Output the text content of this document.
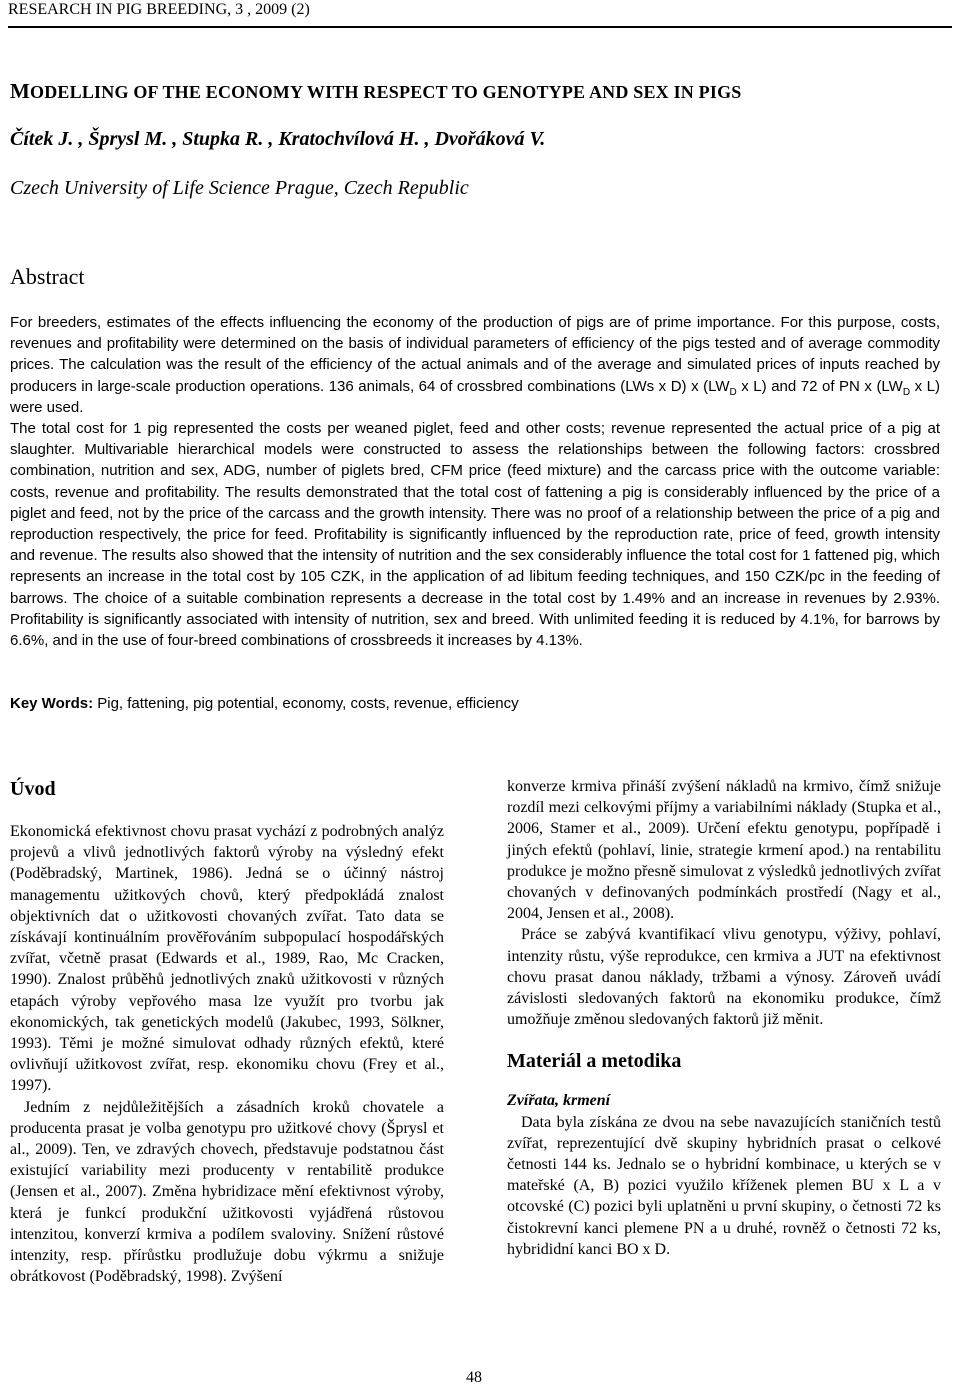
RESEARCH IN PIG BREEDING, 3 , 2009 (2)
MODELLING OF THE ECONOMY WITH RESPECT TO GENOTYPE AND SEX IN PIGS
Čítek J. , Šprysl M. , Stupka R. , Kratochvílová H. , Dvořáková V.
Czech University of Life Science Prague, Czech Republic
Abstract

For breeders, estimates of the effects influencing the economy of the production of pigs are of prime importance. For this purpose, costs, revenues and profitability were determined on the basis of individual parameters of efficiency of the pigs tested and of average commodity prices. The calculation was the result of the efficiency of the actual animals and of the average and simulated prices of inputs reached by producers in large-scale production operations. 136 animals, 64 of crossbred combinations (LWs x D) x ($LW_D$ x L) and 72 of PN x ($LW_D$ x L) were used.

The total cost for 1 pig represented the costs per weaned piglet, feed and other costs; revenue represented the actual price of a pig at slaughter. Multivariable hierarchical models were constructed to assess the relationships between the following factors: crossbred combination, nutrition and sex, ADG, number of piglets bred, CFM price (feed mixture) and the carcass price with the outcome variable: costs, revenue and profitability. The results demonstrated that the total cost of fattening a pig is considerably influenced by the price of a piglet and feed, not by the price of the carcass and the growth intensity. There was no proof of a relationship between the price of a pig and reproduction respectively, the price for feed. Profitability is significantly influenced by the reproduction rate, price of feed, growth intensity and revenue. The results also showed that the intensity of nutrition and the sex considerably influence the total cost for 1 fattened pig, which represents an increase in the total cost by 105 CZK, in the application of ad libitum feeding techniques, and 150 CZK/pc in the feeding of barrows. The choice of a suitable combination represents a decrease in the total cost by 1.49% and an increase in revenues by 2.93%. Profitability is significantly associated with intensity of nutrition, sex and breed. With unlimited feeding it is reduced by 4.1%, for barrows by 6.6%, and in the use of four-breed combinations of crossbreeds it increases by 4.13%.

Key Words: Pig, fattening, pig potential, economy, costs, revenue, efficiency

Úvod

Ekonomická efektivnost chovu prasat vychází z podrobných analýz projevů a vlivů jednotlivých faktorů výroby na výsledný efekt (Poděbradský, Martinek, 1986). Jedná se o účinný nástroj managementu užitkových chovů, který předpokládá znalost objektivních dat o užitkovosti chovaných zvířat. Tato data se získávají kontinuálním prověřováním subpopulací hospodářských zvířat, včetně prasat (Edwards et al., 1989, Rao, Mc Cracken, 1990). Znalost průběhů jednotlivých znaků užitkovosti v různých etapách výroby vepřového masa lze využít pro tvorbu jak ekonomických, tak genetických modelů (Jakubec, 1993, Sölkner, 1993). Těmi je možné simulovat odhady různých efektů, které ovlivňují užitkovost zvířat, resp. ekonomiku chovu (Frey et al., 1997).

Jedním z nejdůležitějších a zásadních kroků chovatele a producenta prasat je volba genotypu pro užitkové chovy (Šprysl et al., 2009). Ten, ve zdravých chovech, představuje podstatnou část existující variability mezi producenty v rentabilitě produkce (Jensen et al., 2007). Změna hybridizace mění efektivnost výroby, která je funkcí produkční užitkovosti vyjádřená růstovou intenzitou, konverzí krmiva a podílem svaloviny. Snížení růstové intenzity, resp. přírůstku prodlužuje dobu výkrmu a snižuje obrátkovost (Poděbradský, 1998). Zvýšení

konverze krmiva přináší zvýšení nákladů na krmivo, čímž snižuje rozdíl mezi celkovými příjmy a variabilními náklady (Stupka et al., 2006, Stamer et al., 2009). Určení efektu genotypu, popřípadě i jiných efektů (pohlaví, linie, strategie krmení apod.) na rentabilitu produkce je možno přesně simulovat z výsledků jednotlivých zvířat chovaných v definovaných podmínkách prostředí (Nagy et al., 2004, Jensen et al., 2008).

Práce se zabývá kvantifikací vlivu genotypu, výživy, pohlaví, intenzity růstu, výše reprodukce, cen krmiva a JUT na efektivnost chovu prasat danou náklady, tržbami a výnosy. Zároveň uvádí závislosti sledovaných faktorů na ekonomiku produkce, čímž umožňuje změnou sledovaných faktorů již měnit.

Materiál a metodika

Zvířata, krmení

Data byla získána ze dvou na sebe navazujících staničních testů zvířat, reprezentující dvě skupiny hybridních prasat o celkové četnosti 144 ks. Jednalo se o hybridní kombinace, u kterých se v mateřské (A, B) pozici využilo kříženek plemen BU x L a v otcovské (C) pozici byli uplatněni u první skupiny, o četnosti 72 ks čistokrevní kanci plemene PN a u druhé, rovněž o četnosti 72 ks, hybrididní kanci BO x D.

48
